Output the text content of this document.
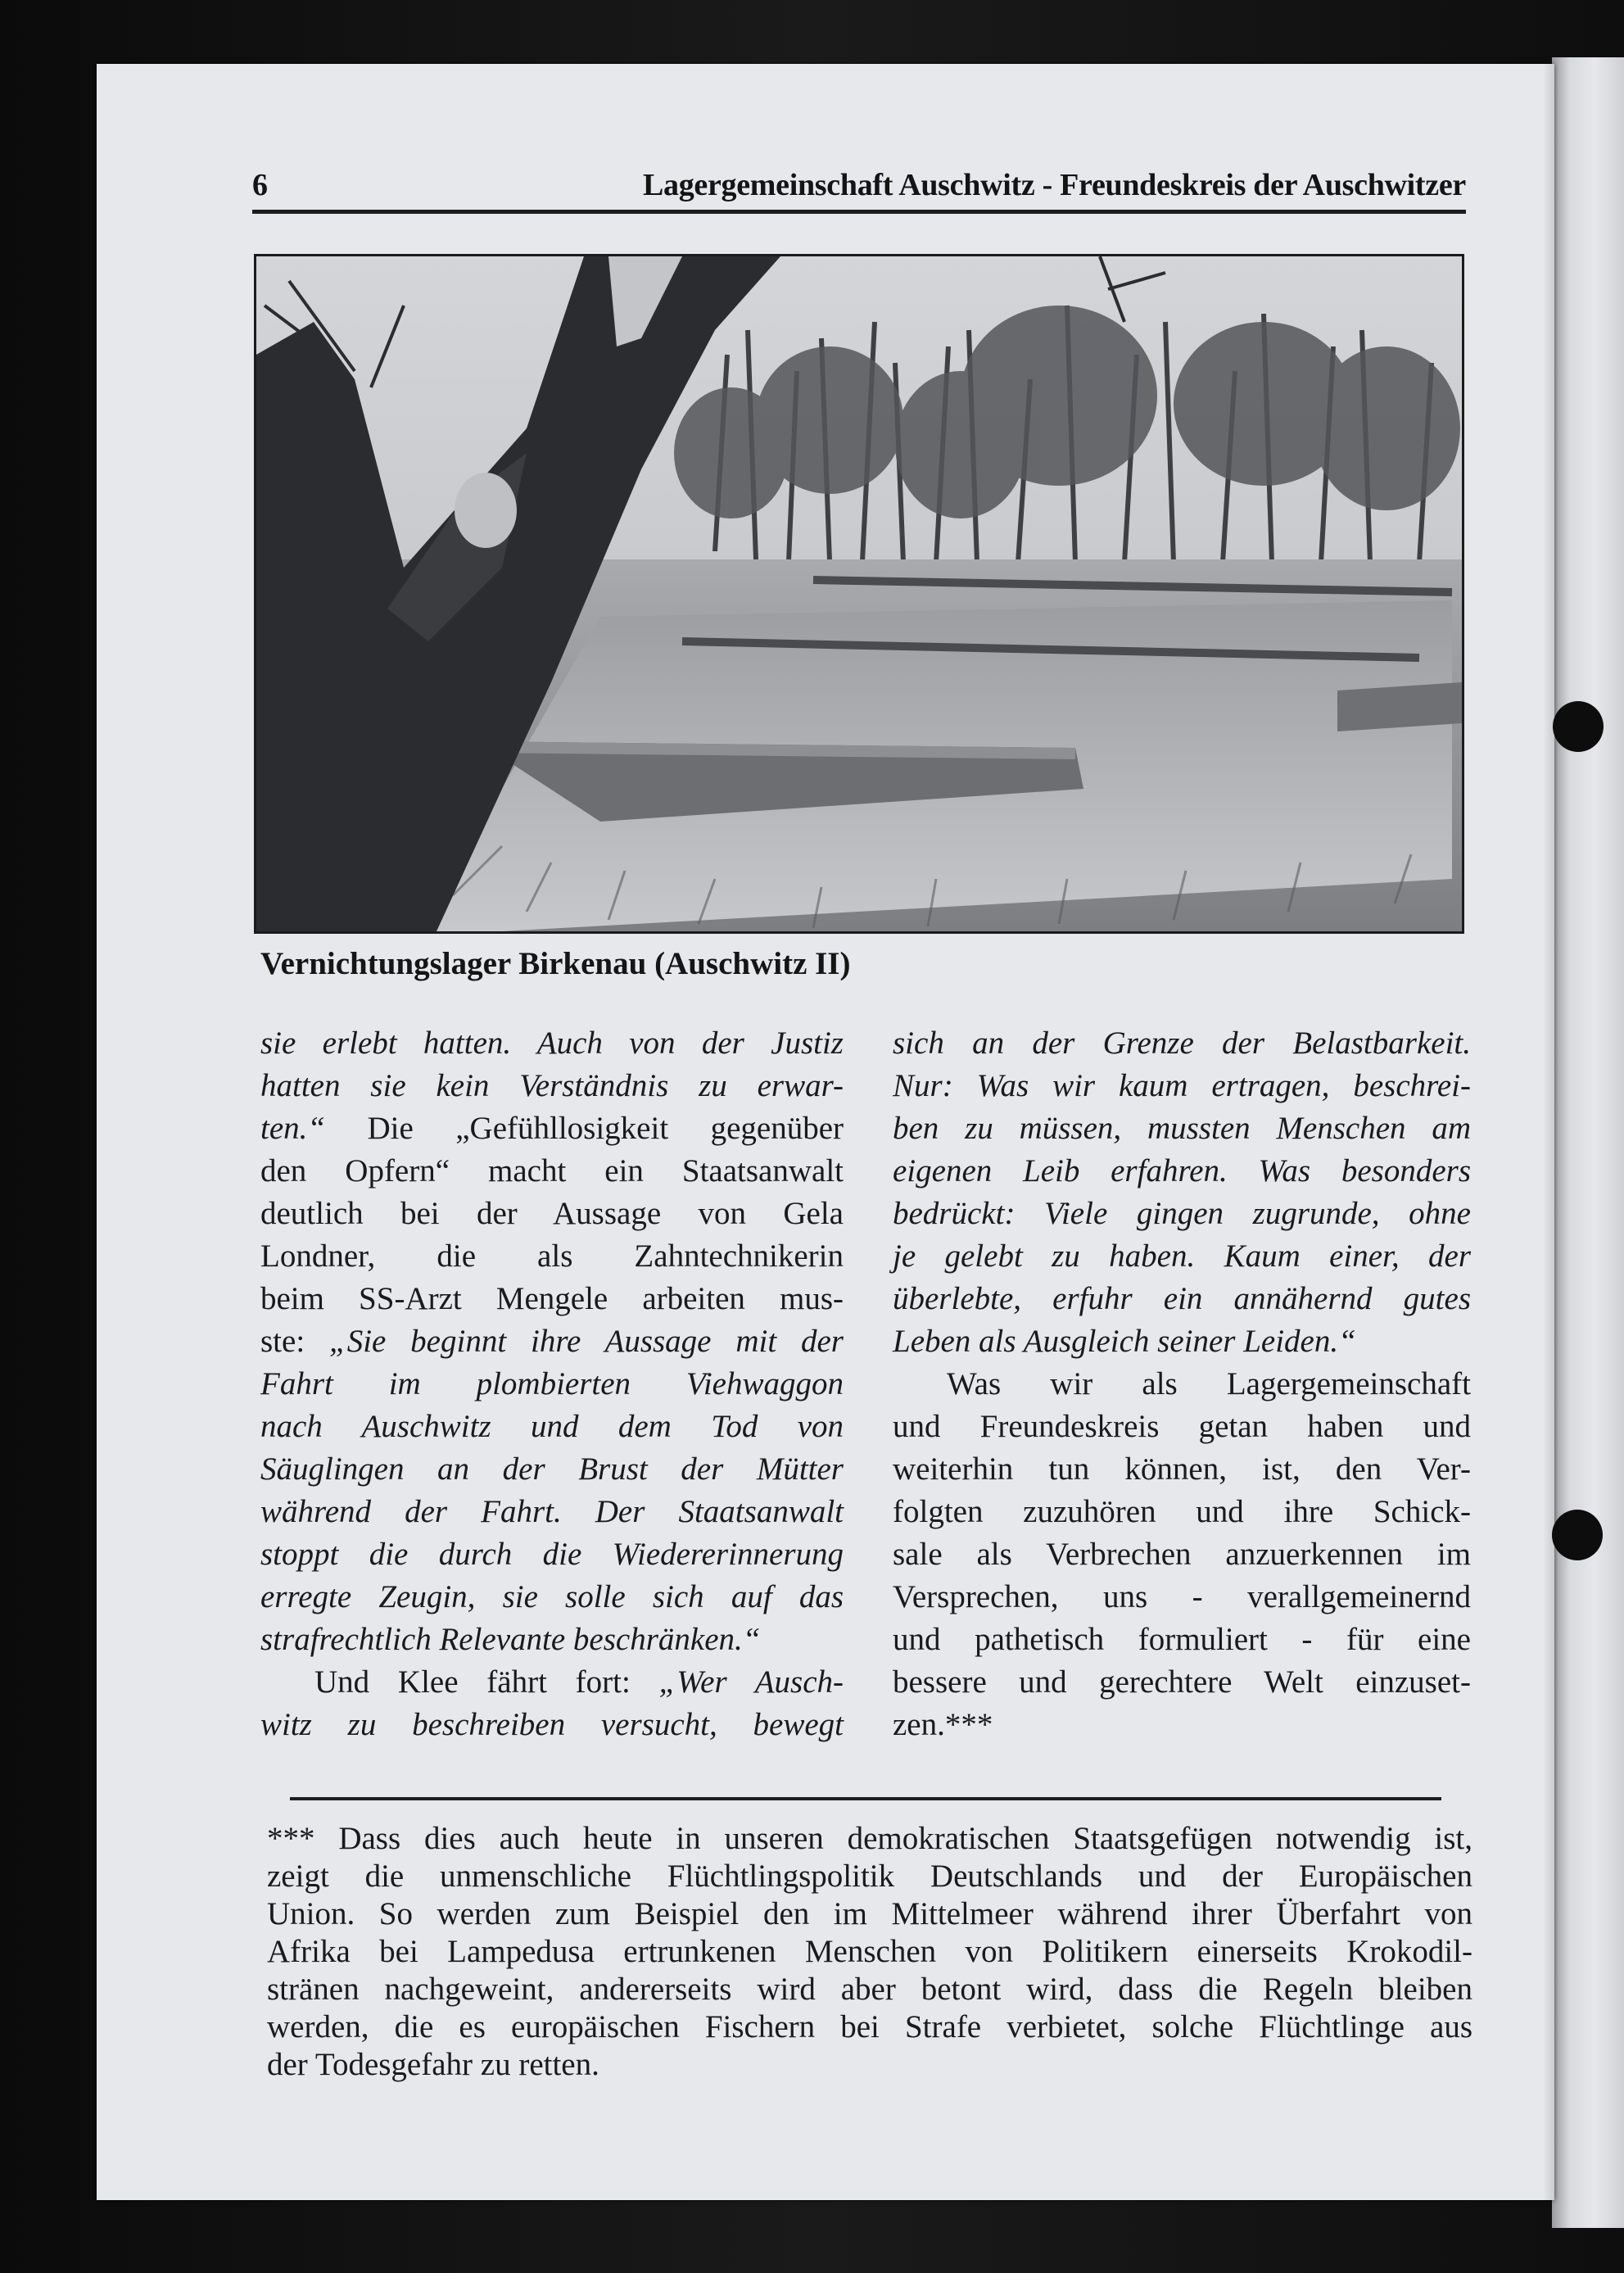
6	Lagergemeinschaft Auschwitz - Freundeskreis der Auschwitzer
Vernichtungslager Birkenau (Auschwitz II)
sie erlebt hatten. Auch von der Justiz
hatten sie kein Verständnis zu erwar-
ten.“ Die „Gefühllosigkeit gegenüber
den Opfern“ macht ein Staatsanwalt
deutlich bei der Aussage von Gela
Londner, die als Zahntechnikerin
beim SS-Arzt Mengele arbeiten mus-
ste: „Sie beginnt ihre Aussage mit der
Fahrt im plombierten Viehwaggon
nach Auschwitz und dem Tod von
Säuglingen an der Brust der Mütter
während der Fahrt. Der Staatsanwalt
stoppt die durch die Wiedererinnerung
erregte Zeugin, sie solle sich auf das
strafrechtlich Relevante beschränken.“
Und Klee fährt fort: „Wer Ausch-
witz zu beschreiben versucht, bewegt
sich an der Grenze der Belastbarkeit.
Nur: Was wir kaum ertragen, beschrei-
ben zu müssen, mussten Menschen am
eigenen Leib erfahren. Was besonders
bedrückt: Viele gingen zugrunde, ohne
je gelebt zu haben. Kaum einer, der
überlebte, erfuhr ein annähernd gutes
Leben als Ausgleich seiner Leiden.“
Was wir als Lagergemeinschaft
und Freundeskreis getan haben und
weiterhin tun können, ist, den Ver-
folgten zuzuhören und ihre Schick-
sale als Verbrechen anzuerkennen im
Versprechen, uns - verallgemeinernd
und pathetisch formuliert - für eine
bessere und gerechtere Welt einzuset-
zen.***
*** Dass dies auch heute in unseren demokratischen Staatsgefügen notwendig ist,
zeigt die unmenschliche Flüchtlingspolitik Deutschlands und der Europäischen
Union. So werden zum Beispiel den im Mittelmeer während ihrer Überfahrt von
Afrika bei Lampedusa ertrunkenen Menschen von Politikern einerseits Krokodil-
stränen nachgeweint, andererseits wird aber betont wird, dass die Regeln bleiben
werden, die es europäischen Fischern bei Strafe verbietet, solche Flüchtlinge aus
der Todesgefahr zu retten.
